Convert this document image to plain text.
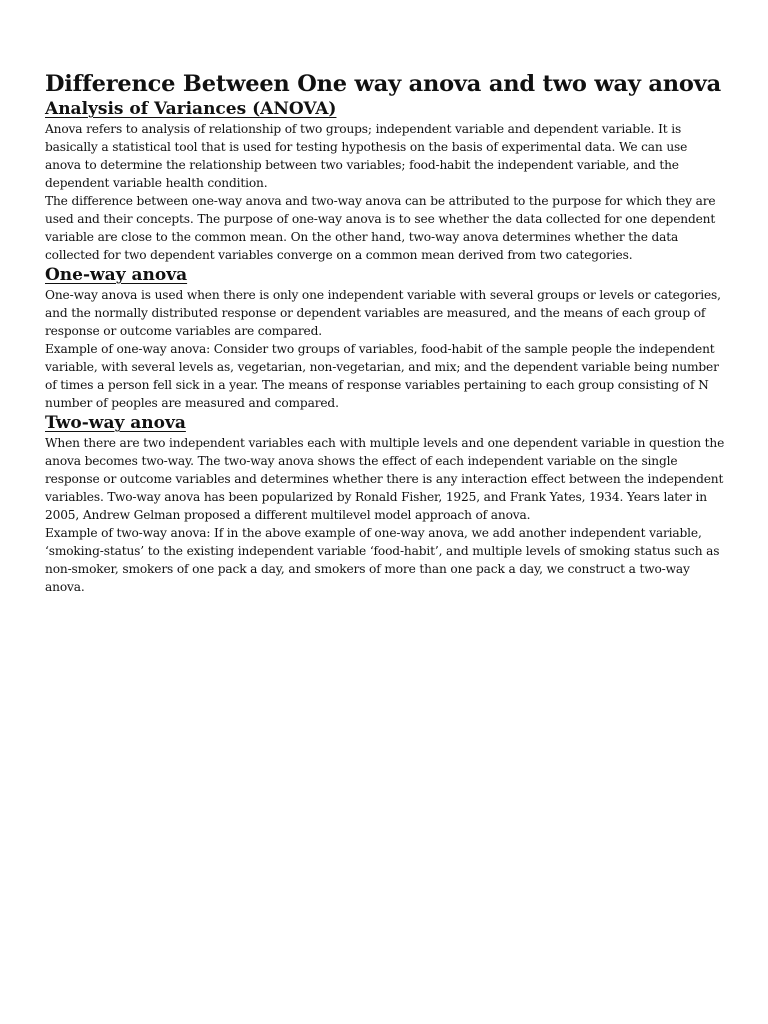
Difference Between One way anova and two way anova
Analysis of Variances (ANOVA)

Anova refers to analysis of relationship of two groups; independent variable and dependent variable. It is basically a statistical tool that is used for testing hypothesis on the basis of experimental data. We can use anova to determine the relationship between two variables; food-habit the independent variable, and the dependent variable health condition.

The difference between one-way anova and two-way anova can be attributed to the purpose for which they are used and their concepts. The purpose of one-way anova is to see whether the data collected for one dependent variable are close to the common mean. On the other hand, two-way anova determines whether the data collected for two dependent variables converge on a common mean derived from two categories.

One-way anova

One-way anova is used when there is only one independent variable with several groups or levels or categories, and the normally distributed response or dependent variables are measured, and the means of each group of response or outcome variables are compared.

Example of one-way anova: Consider two groups of variables, food-habit of the sample people the independent variable, with several levels as, vegetarian, non-vegetarian, and mix; and the dependent variable being number of times a person fell sick in a year. The means of response variables pertaining to each group consisting of N number of peoples are measured and compared.

Two-way anova

When there are two independent variables each with multiple levels and one dependent variable in question the anova becomes two-way. The two-way anova shows the effect of each independent variable on the single response or outcome variables and determines whether there is any interaction effect between the independent variables. Two-way anova has been popularized by Ronald Fisher, 1925, and Frank Yates, 1934. Years later in 2005, Andrew Gelman proposed a different multilevel model approach of anova.

Example of two-way anova: If in the above example of one-way anova, we add another independent variable, ‘smoking-status’ to the existing independent variable ‘food-habit’, and multiple levels of smoking status such as non-smoker, smokers of one pack a day, and smokers of more than one pack a day, we construct a two-way anova.
